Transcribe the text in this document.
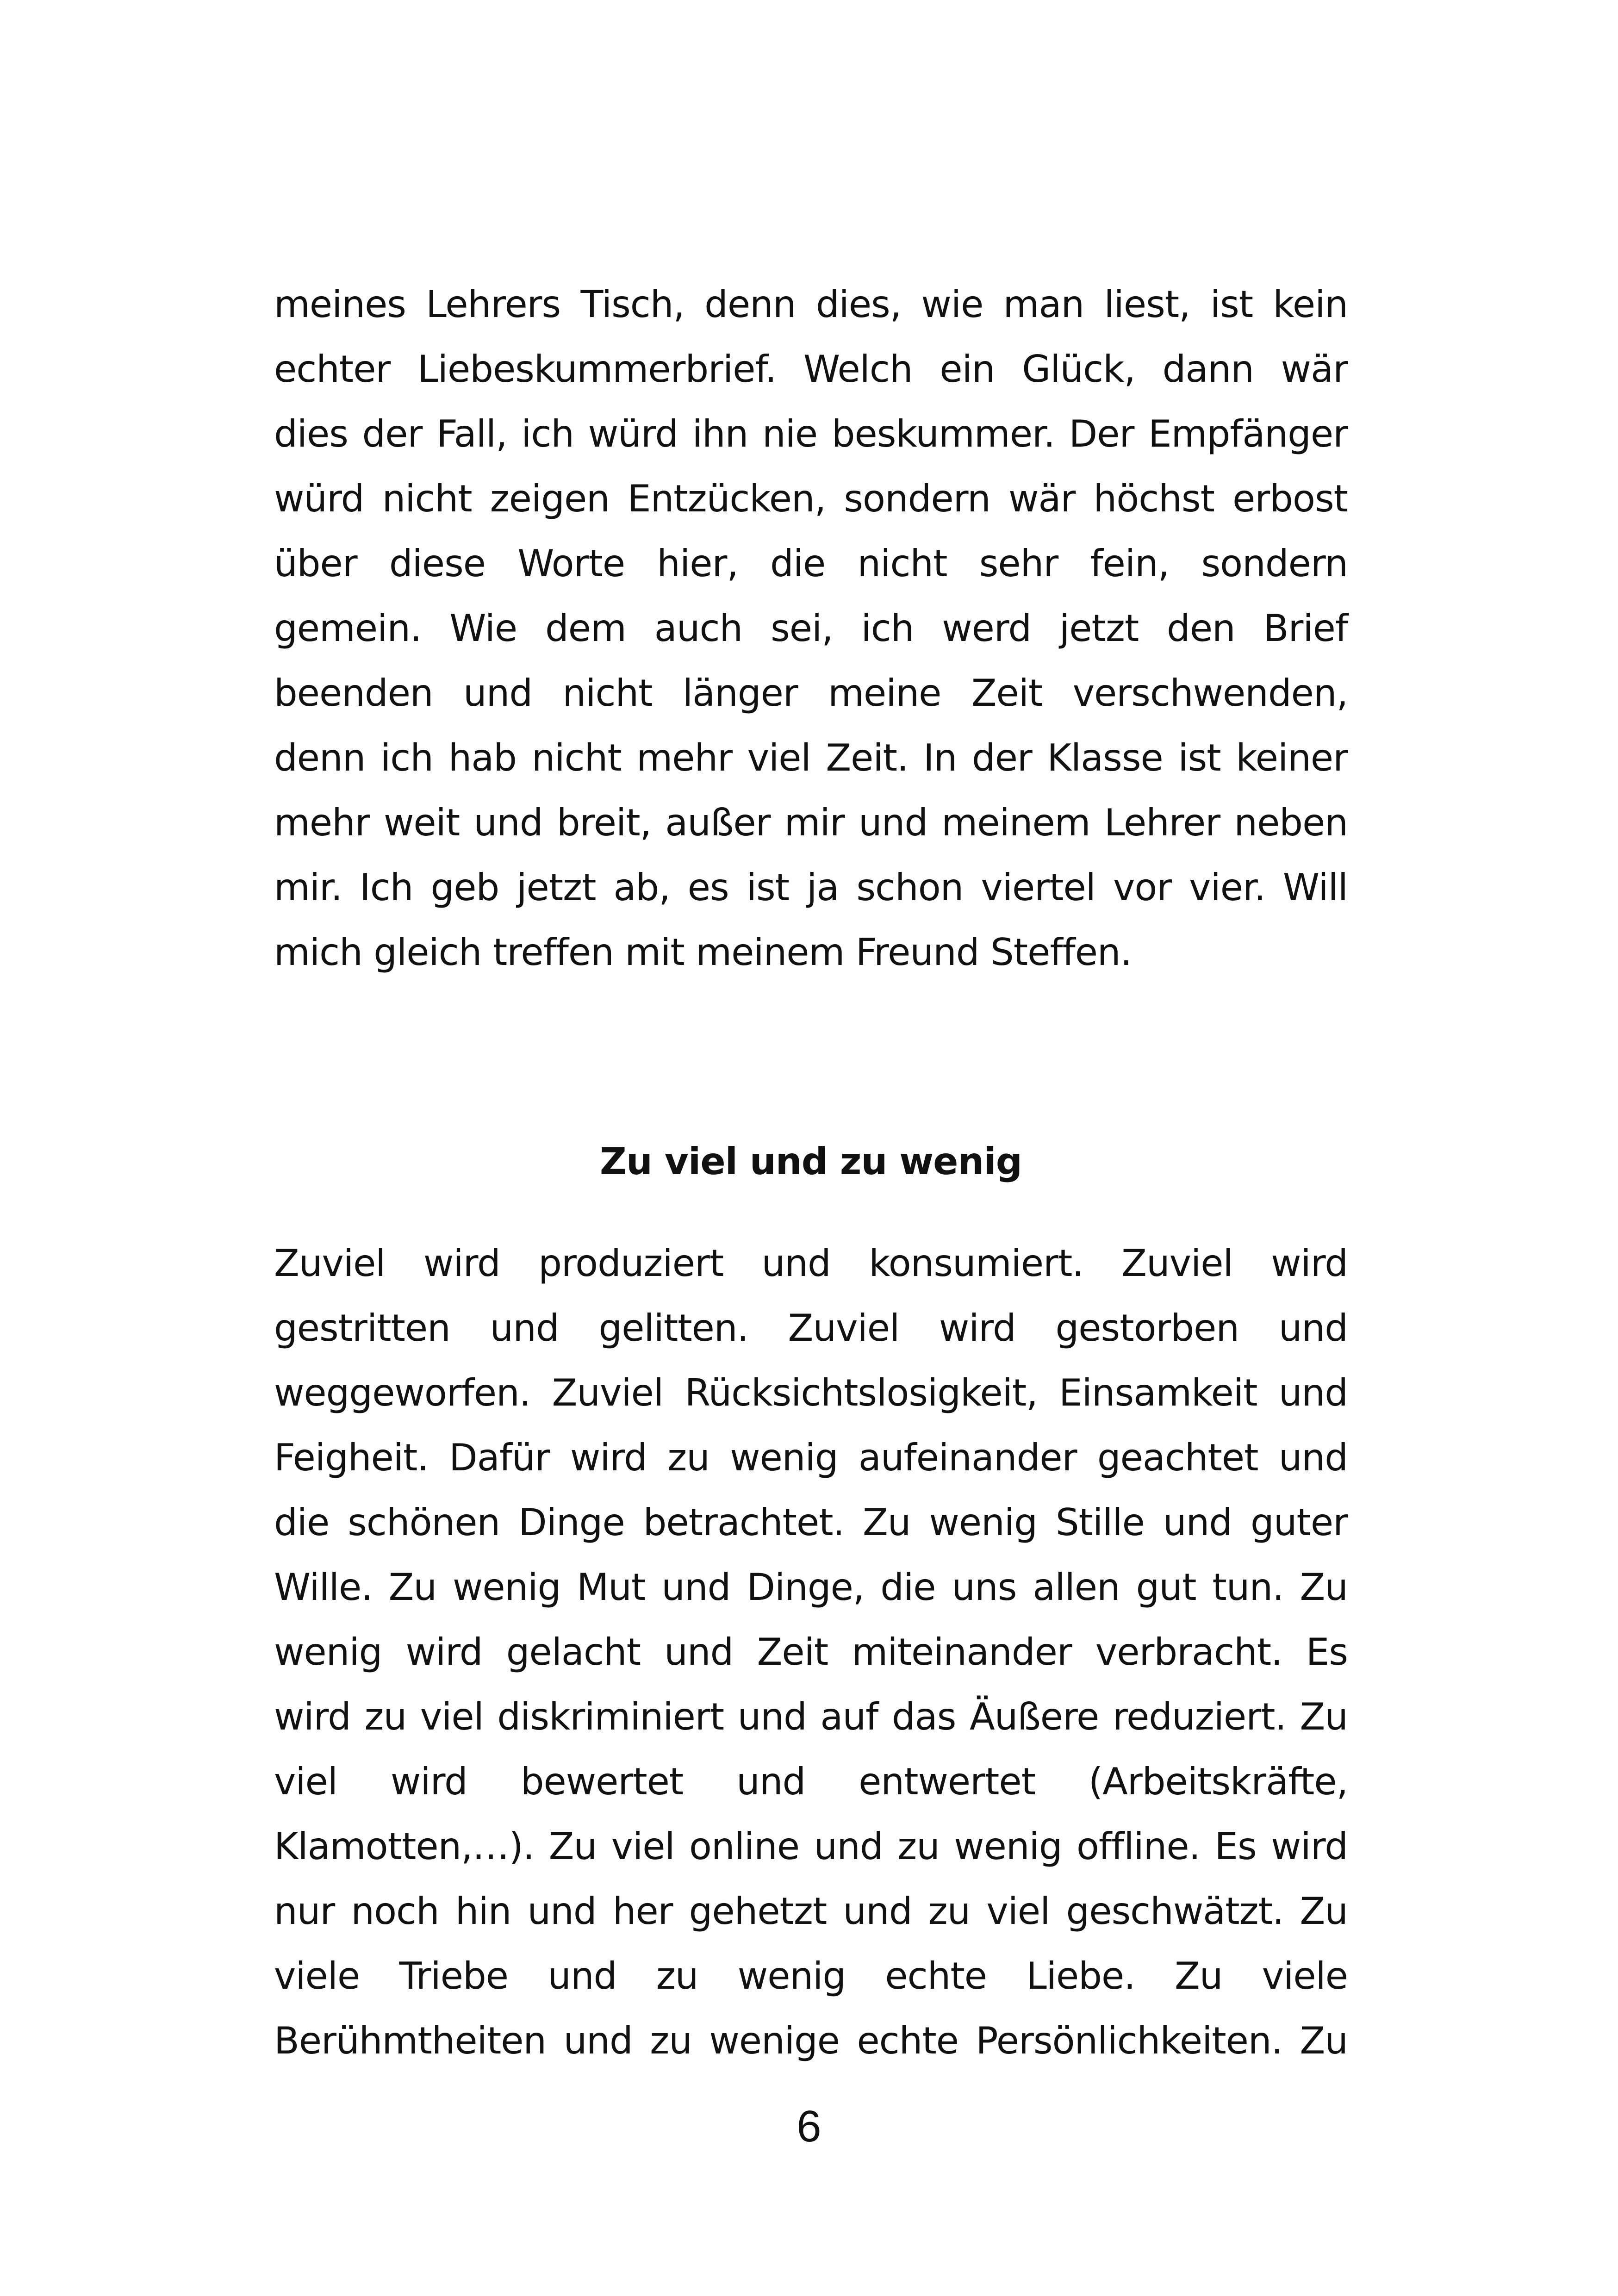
meines Lehrers Tisch, denn dies, wie man liest, ist kein
echter Liebeskummerbrief. Welch ein Glück, dann wär
dies der Fall, ich würd ihn nie beskummer. Der Empfänger
würd nicht zeigen Entzücken, sondern wär höchst erbost
über diese Worte hier, die nicht sehr fein, sondern
gemein. Wie dem auch sei, ich werd jetzt den Brief
beenden und nicht länger meine Zeit verschwenden,
denn ich hab nicht mehr viel Zeit. In der Klasse ist keiner
mehr weit und breit, außer mir und meinem Lehrer neben
mir. Ich geb jetzt ab, es ist ja schon viertel vor vier. Will
mich gleich treffen mit meinem Freund Steffen.

Zu viel und zu wenig

Zuviel wird produziert und konsumiert. Zuviel wird
gestritten und gelitten. Zuviel wird gestorben und
weggeworfen. Zuviel Rücksichtslosigkeit, Einsamkeit und
Feigheit. Dafür wird zu wenig aufeinander geachtet und
die schönen Dinge betrachtet. Zu wenig Stille und guter
Wille. Zu wenig Mut und Dinge, die uns allen gut tun. Zu
wenig wird gelacht und Zeit miteinander verbracht. Es
wird zu viel diskriminiert und auf das Äußere reduziert. Zu
viel wird bewertet und entwertet (Arbeitskräfte,
Klamotten,…). Zu viel online und zu wenig offline. Es wird
nur noch hin und her gehetzt und zu viel geschwätzt. Zu
viele Triebe und zu wenig echte Liebe. Zu viele
Berühmtheiten und zu wenige echte Persönlichkeiten. Zu

6
